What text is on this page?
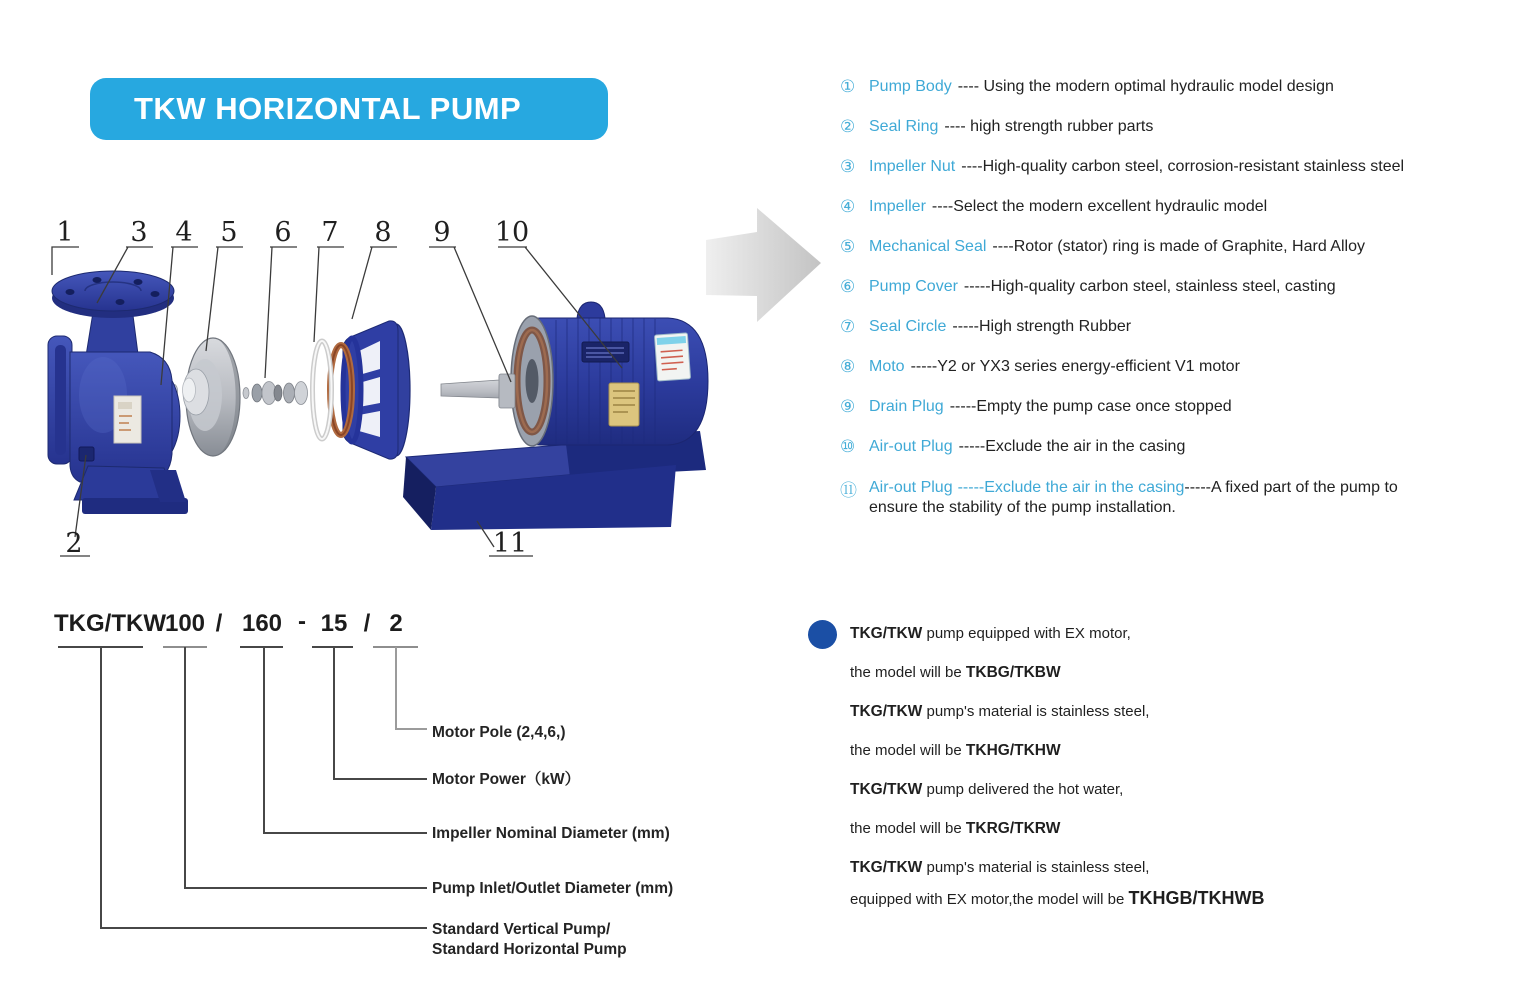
TKW HORIZONTAL PUMP
1
2
3 4 5 6 7 8 9 10
11
① Pump Body ---- Using the modern optimal hydraulic model design
② Seal Ring ---- high strength rubber parts
③ Impeller Nut ----High-quality carbon steel, corrosion-resistant stainless steel
④ Impeller ----Select the modern excellent hydraulic model
⑤ Mechanical Seal ----Rotor (stator) ring is made of Graphite, Hard Alloy
⑥ Pump Cover -----High-quality carbon steel, stainless steel, casting
⑦ Seal Circle -----High strength Rubber
⑧ Moto -----Y2 or YX3 series energy-efficient V1 motor
⑨ Drain Plug -----Empty the pump case once stopped
⑩ Air-out Plug -----Exclude the air in the casing
⑪ Air-out Plug -----Exclude the air in the casing -----A fixed part of the pump to
ensure the stability of the pump installation.
TKG/TKW
100 / 160 - 15 / 2
Motor Pole (2,4,6,)
Motor Power（kW）
Impeller Nominal Diameter (mm)
Pump Inlet/Outlet Diameter (mm)
Standard Vertical Pump/
Standard Horizontal Pump
TKG/TKW pump equipped with EX motor,
the model will be TKBG/TKBW
TKG/TKW pump's material is stainless steel,
the model will be TKHG/TKHW
TKG/TKW pump delivered the hot water,
the model will be TKRG/TKRW
TKG/TKW pump's material is stainless steel,
equipped with EX motor,the model will be TKHGB/TKHWB
